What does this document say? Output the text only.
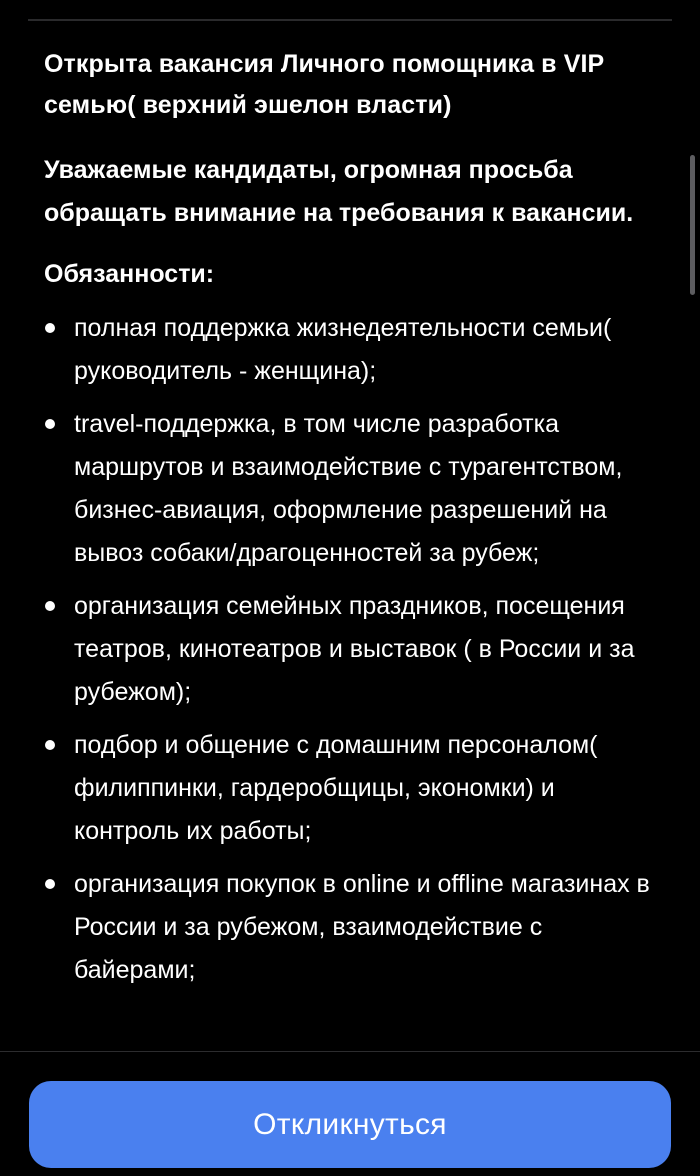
Открыта вакансия Личного помощника в VIP семью( верхний эшелон власти)

Уважаемые кандидаты, огромная просьба обращать внимание на требования к вакансии.

Обязанности:

полная поддержка жизнедеятельности семьи( руководитель - женщина);
travel-поддержка, в том числе разработка маршрутов и взаимодействие с турагентством, бизнес-авиация, оформление разрешений на вывоз собаки/драгоценностей за рубеж;
организация семейных праздников, посещения театров, кинотеатров и выставок ( в России и за рубежом);
подбор и общение с домашним персоналом( филиппинки, гардеробщицы, экономки) и контроль их работы;
организация покупок в online и offline магазинах в России и за рубежом, взаимодействие с байерами;
Откликнуться
